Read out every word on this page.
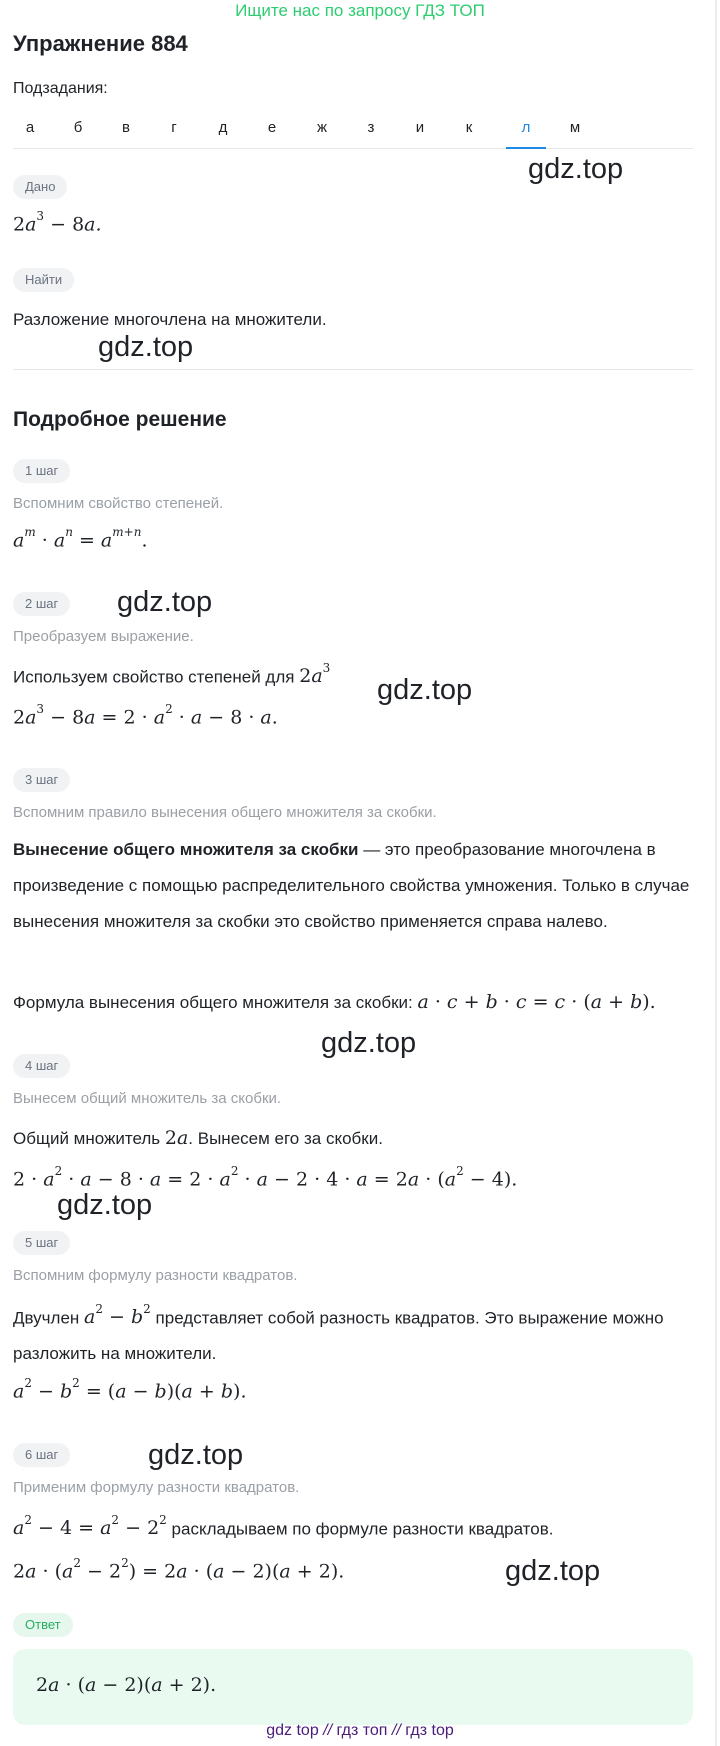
Ищите нас по запросу ГДЗ ТОП
Упражнение 884
Подзадания:
а	б	в	г	д	е	ж	з	и	к	л	м
gdz.top
gdz.top
gdz.top
gdz.top
gdz.top
gdz.top
gdz.top
gdz.top
Дано
$2a^3 - 8a$.
Найти
Разложение многочлена на множители.
Подробное решение
1 шаг
Вспомним свойство степеней.
$a^m \cdot a^n = a^{m+n}$.
2 шаг
Преобразуем выражение.
Используем свойство степеней для $2a^3$
$2a^3 - 8a = 2 \cdot a^2 \cdot a - 8 \cdot a$.
3 шаг
Вспомним правило вынесения общего множителя за скобки.
Вынесение общего множителя за скобки — это преобразование многочлена в произведение с помощью распределительного свойства умножения. Только в случае вынесения множителя за скобки это свойство применяется справа налево.
Формула вынесения общего множителя за скобки: a · c + b · c = c · (a + b).
4 шаг
Вынесем общий множитель за скобки.
Общий множитель 2a. Вынесем его за скобки.
$2 \cdot a^2 \cdot a - 8 \cdot a = 2 \cdot a^2 \cdot a - 2 \cdot 4 \cdot a = 2a \cdot (a^2 - 4)$.
5 шаг
Вспомним формулу разности квадратов.
Двучлен $a^2 - b^2$ представляет собой разность квадратов. Это выражение можно разложить на множители.
$a^2 - b^2 = (a - b)(a + b)$.
6 шаг
Применим формулу разности квадратов.
$a^2 - 4 = a^2 - 2^2$ раскладываем по формуле разности квадратов.
$2a \cdot (a^2 - 2^2) = 2a \cdot (a - 2)(a + 2)$.
Ответ
2a · (a − 2)(a + 2).
gdz top // гдз топ // гдз top
